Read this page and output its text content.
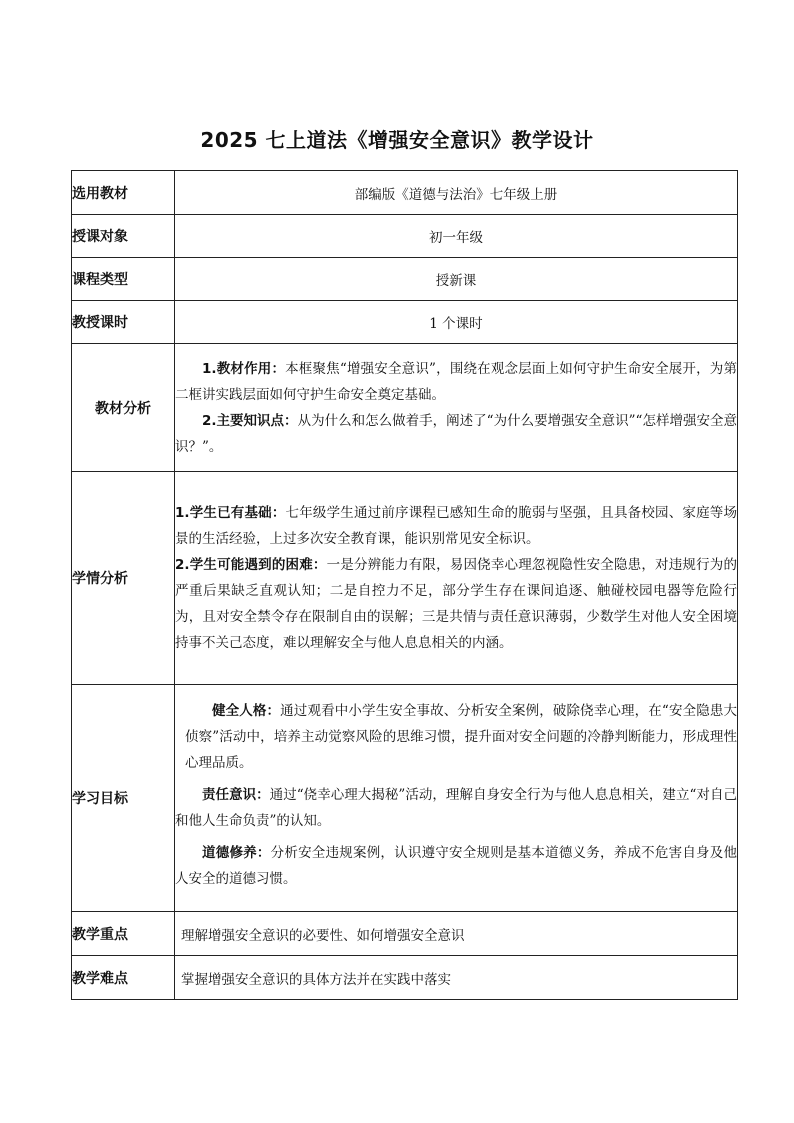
2025 七上道法《增强安全意识》教学设计
选用教材	部编版《道德与法治》七年级上册
授课对象	初一年级
课程类型	授新课
教授课时	1 个课时
教材分析	1.教材作用：本框聚焦“增强安全意识”，围绕在观念层面上如何守护生命安全展开，为第二框讲实践层面如何守护生命安全奠定基础。

2.主要知识点：从为什么和怎么做着手，阐述了“为什么要增强安全意识”“怎样增强安全意识？”。

学情分析	1.学生已有基础：七年级学生通过前序课程已感知生命的脆弱与坚强，且具备校园、家庭等场景的生活经验，上过多次安全教育课，能识别常见安全标识。

2.学生可能遇到的困难：一是分辨能力有限，易因侥幸心理忽视隐性安全隐患，对违规行为的严重后果缺乏直观认知；二是自控力不足，部分学生存在课间追逐、触碰校园电器等危险行为，且对安全禁令存在限制自由的误解；三是共情与责任意识薄弱，少数学生对他人安全困境持事不关己态度，难以理解安全与他人息息相关的内涵。

学习目标	健全人格：通过观看中小学生安全事故、分析安全案例，破除侥幸心理，在“安全隐患大侦察”活动中，培养主动觉察风险的思维习惯，提升面对安全问题的冷静判断能力，形成理性心理品质。

责任意识：通过“侥幸心理大揭秘”活动，理解自身安全行为与他人息息相关，建立“对自己和他人生命负责”的认知。

道德修养：分析安全违规案例，认识遵守安全规则是基本道德义务，养成不危害自身及他人安全的道德习惯。

教学重点	理解增强安全意识的必要性、如何增强安全意识
教学难点	掌握增强安全意识的具体方法并在实践中落实
